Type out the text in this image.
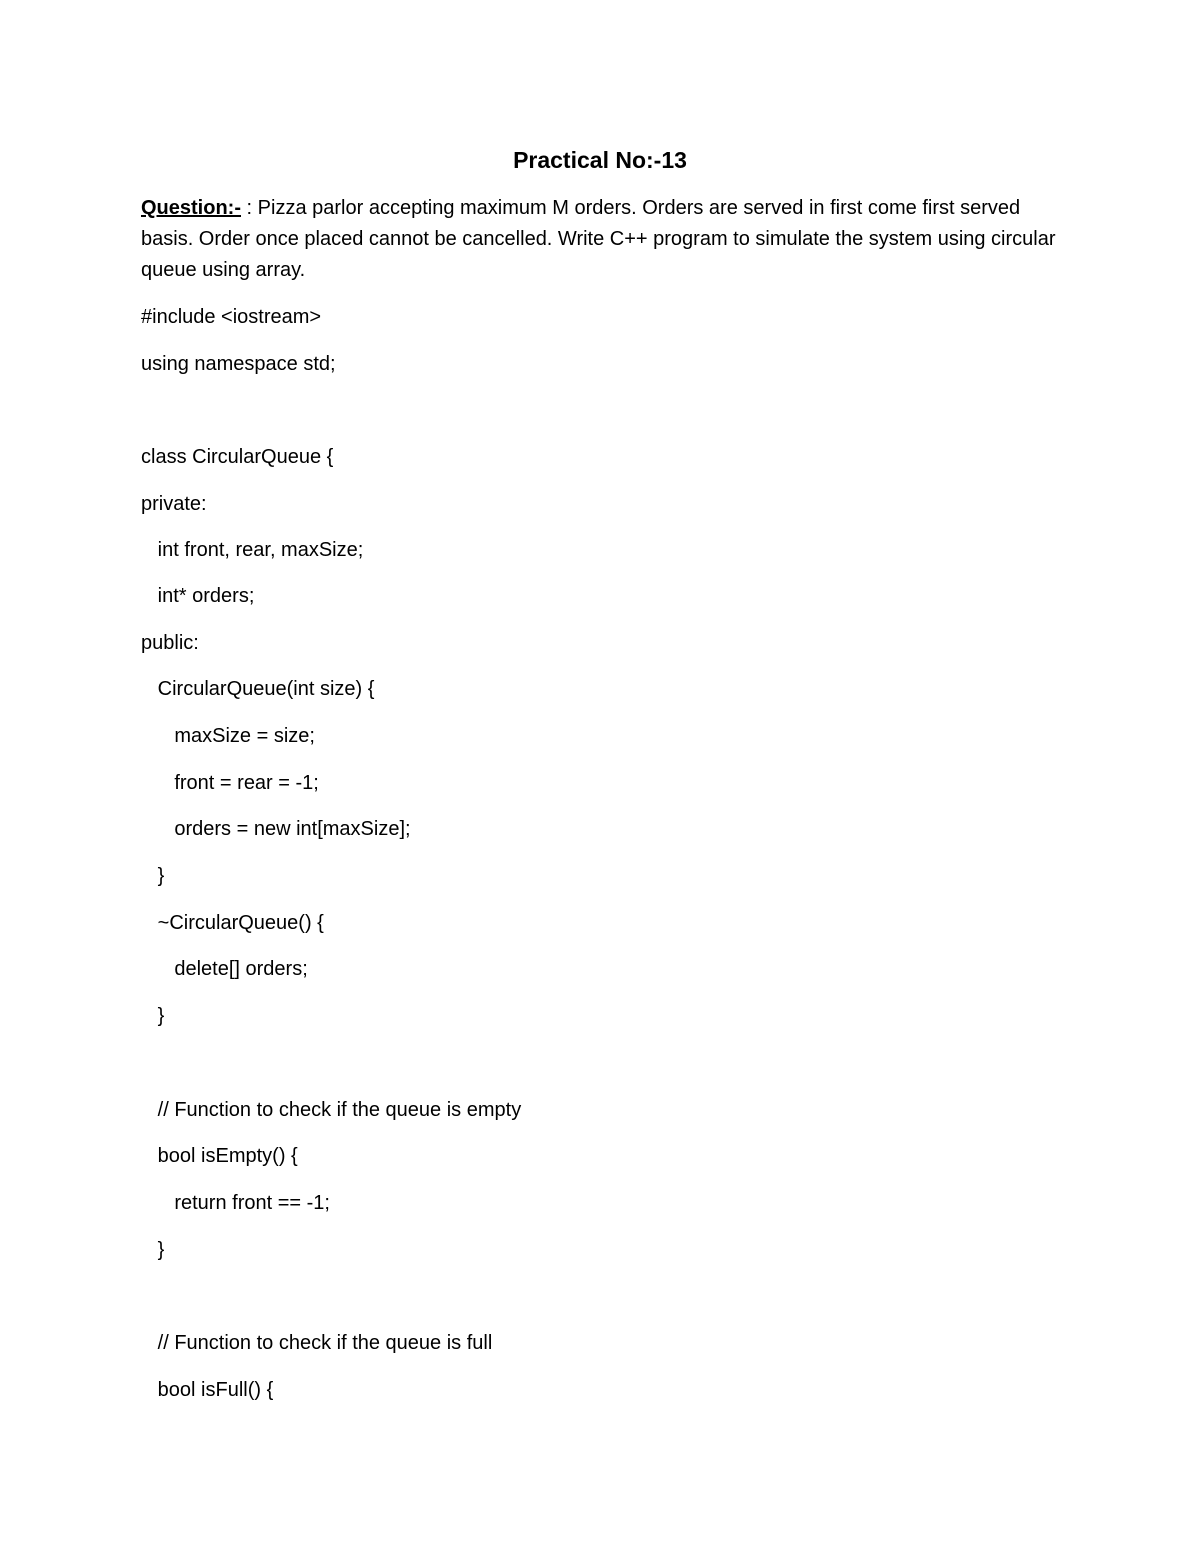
Practical No:-13

Question:- : Pizza parlor accepting maximum M orders. Orders are served in first come first served basis. Order once placed cannot be cancelled. Write C++ program to simulate the system using circular queue using array.

#include <iostream>
using namespace std;
class CircularQueue {
private:
int front, rear, maxSize;
int* orders;
public:
CircularQueue(int size) {
maxSize = size;
front = rear = -1;
orders = new int[maxSize];
}
~CircularQueue() {
delete[] orders;
}
// Function to check if the queue is empty
bool isEmpty() {
return front == -1;
}
// Function to check if the queue is full
bool isFull() {
